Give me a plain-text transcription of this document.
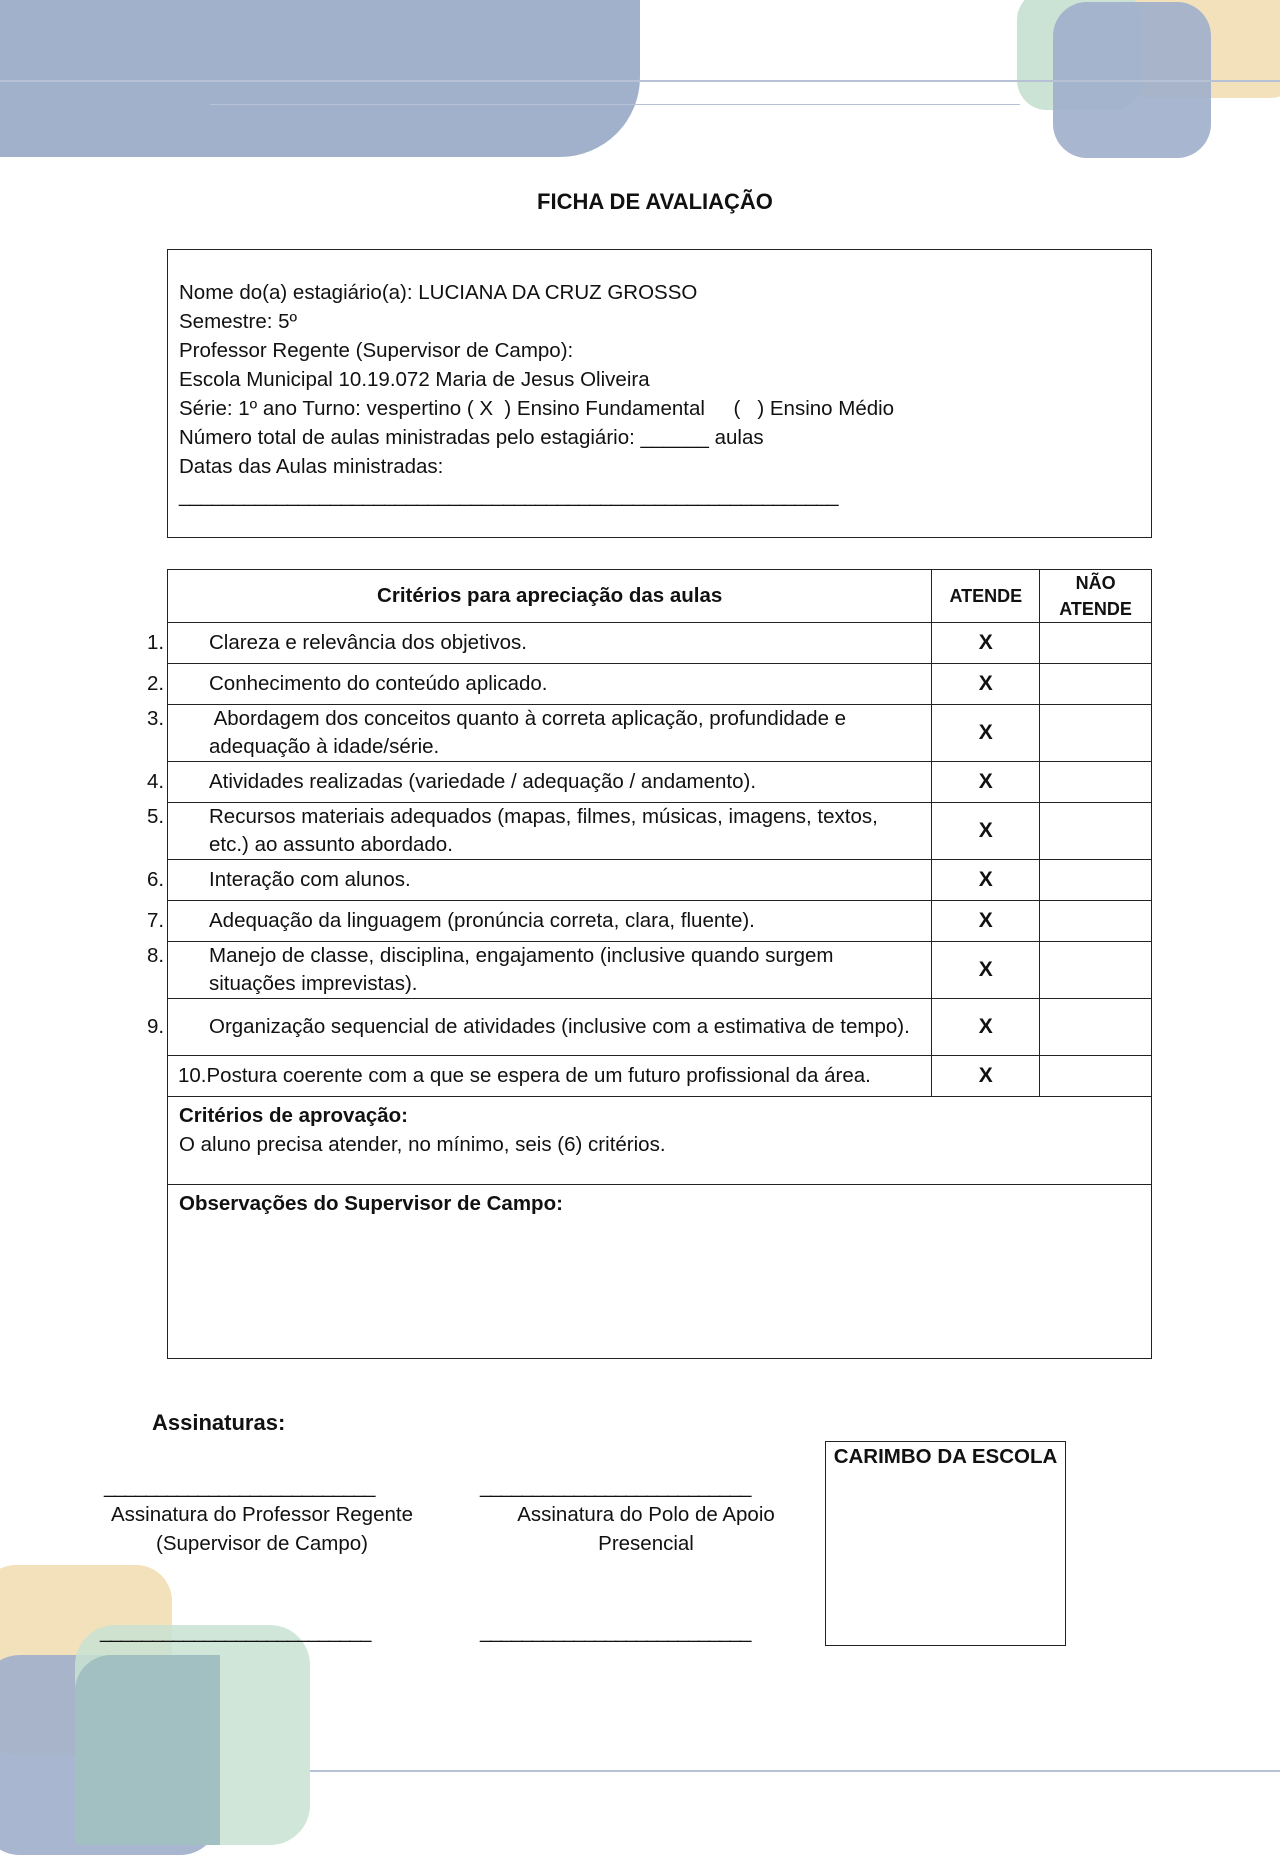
FICHA DE AVALIAÇÃO
Nome do(a) estagiário(a): LUCIANA DA CRUZ GROSSO
Semestre: 5º
Professor Regente (Supervisor de Campo):
Escola Municipal 10.19.072 Maria de Jesus Oliveira
Série: 1º ano Turno: vespertino ( X  ) Ensino Fundamental     (   ) Ensino Médio
Número total de aulas ministradas pelo estagiário: ______ aulas
Datas das Aulas ministradas:
_____________________________________________________________
Critérios para apreciação das aulas	ATENDE	NÃO
ATENDE

1. Clareza e relevância dos objetivos.	X	

2. Conhecimento do conteúdo aplicado.	X	

3. Abordagem dos conceitos quanto à correta aplicação, profundidade e adequação à idade/série.	X	

4. Atividades realizadas (variedade / adequação / andamento).	X	

5. Recursos materiais adequados (mapas, filmes, músicas, imagens, textos, etc.) ao assunto abordado.	X	

6. Interação com alunos.	X	

7. Adequação da linguagem (pronúncia correta, clara, fluente).	X	

8. Manejo de classe, disciplina, engajamento (inclusive quando surgem situações imprevistas).	X	

9. Organização sequencial de atividades (inclusive com a estimativa de tempo).	X	
10.Postura coerente com a que se espera de um futuro profissional da área.	X	

Critérios de aprovação:
O aluno precisa atender, no mínimo, seis (6) critérios.		

Observações do Supervisor de Campo:		
Assinaturas:
__________________________
Assinatura do Professor Regente
(Supervisor de Campo)
__________________________
Assinatura do Polo de Apoio
Presencial
__________________________	__________________________
CARIMBO DA ESCOLA
